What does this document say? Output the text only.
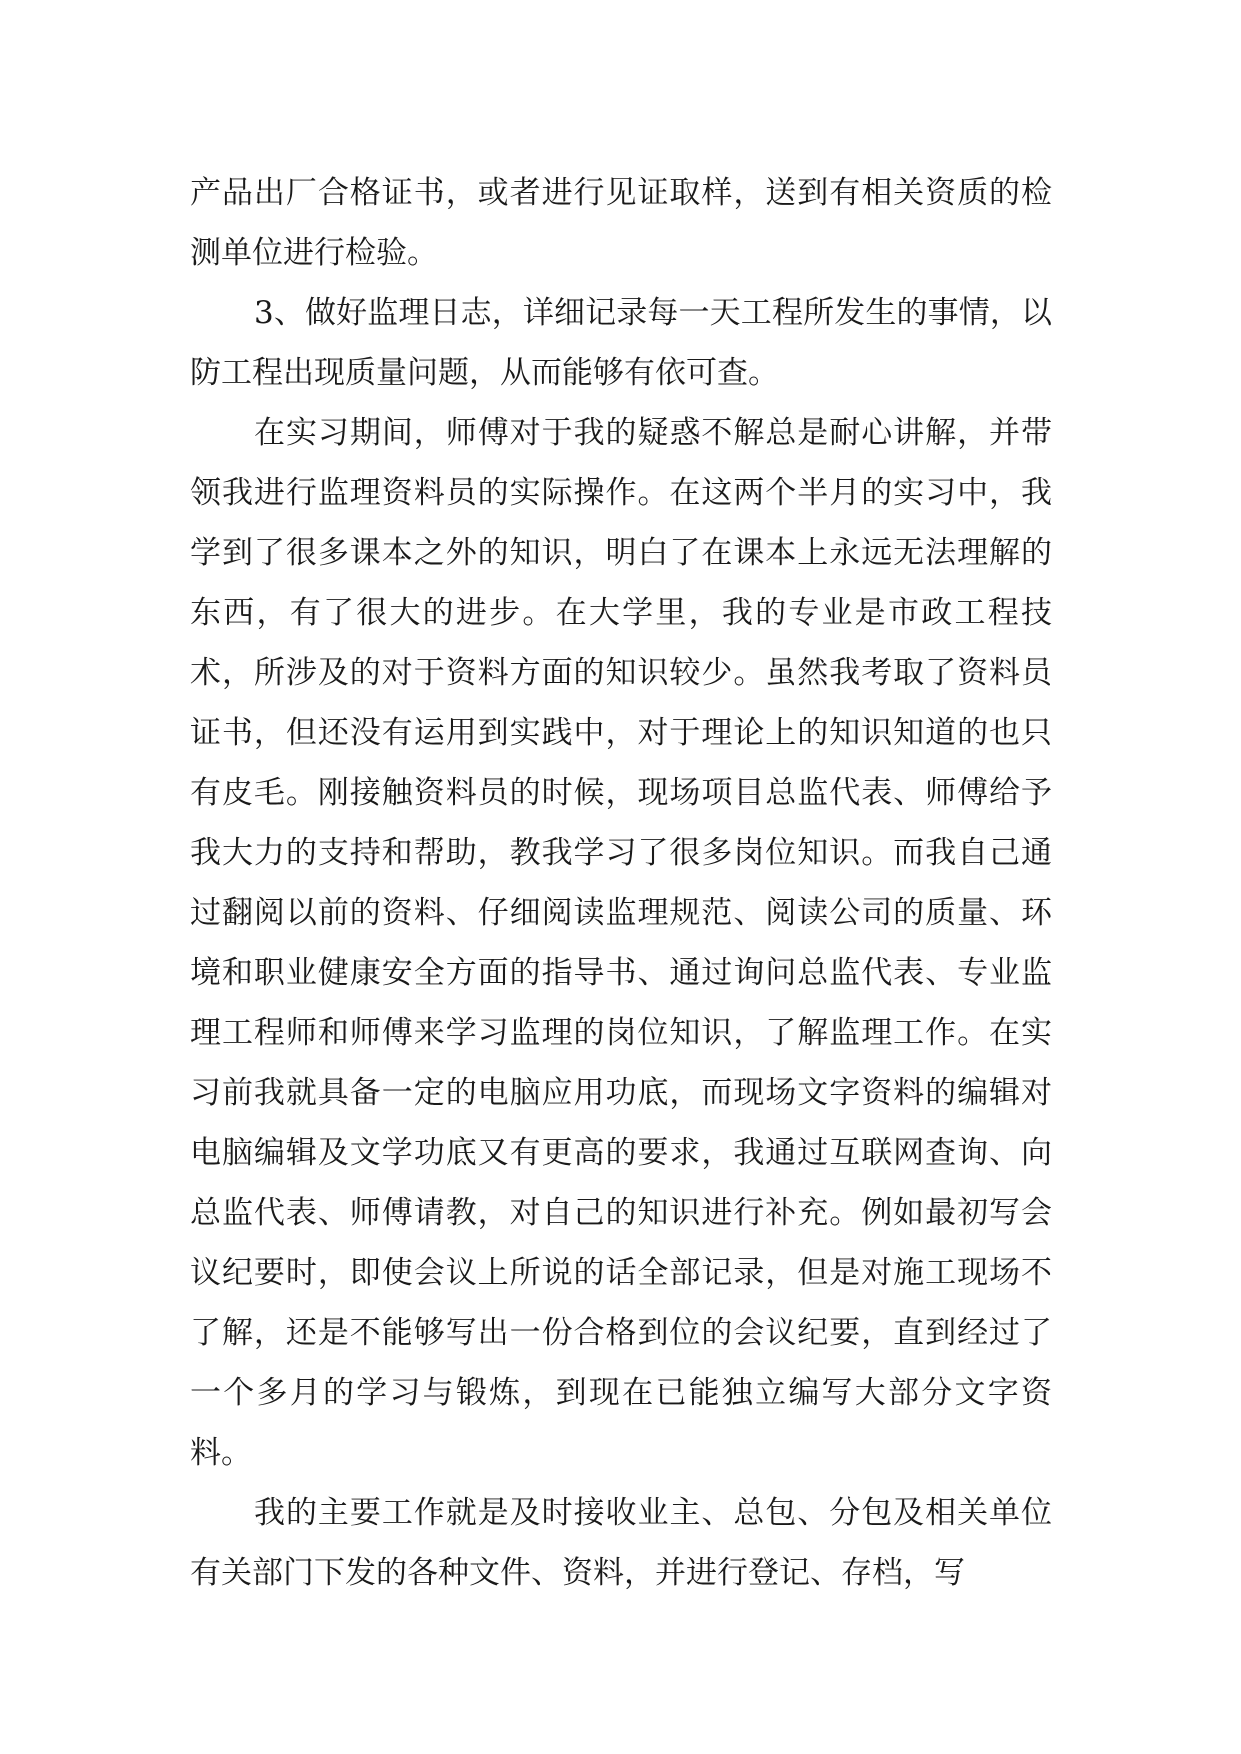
产品出厂合格证书，或者进行见证取样，送到有相关资质的检测单位进行检验。

3、做好监理日志，详细记录每一天工程所发生的事情，以防工程出现质量问题，从而能够有依可查。

在实习期间，师傅对于我的疑惑不解总是耐心讲解，并带领我进行监理资料员的实际操作。在这两个半月的实习中，我学到了很多课本之外的知识，明白了在课本上永远无法理解的东西，有了很大的进步。在大学里，我的专业是市政工程技术，所涉及的对于资料方面的知识较少。虽然我考取了资料员证书，但还没有运用到实践中，对于理论上的知识知道的也只有皮毛。刚接触资料员的时候，现场项目总监代表、师傅给予我大力的支持和帮助，教我学习了很多岗位知识。而我自己通过翻阅以前的资料、仔细阅读监理规范、阅读公司的质量、环境和职业健康安全方面的指导书、通过询问总监代表、专业监理工程师和师傅来学习监理的岗位知识，了解监理工作。在实习前我就具备一定的电脑应用功底，而现场文字资料的编辑对电脑编辑及文学功底又有更高的要求，我通过互联网查询、向总监代表、师傅请教，对自己的知识进行补充。例如最初写会议纪要时，即使会议上所说的话全部记录，但是对施工现场不了解，还是不能够写出一份合格到位的会议纪要，直到经过了一个多月的学习与锻炼，到现在已能独立编写大部分文字资料。

我的主要工作就是及时接收业主、总包、分包及相关单位有关部门下发的各种文件、资料，并进行登记、存档，写
